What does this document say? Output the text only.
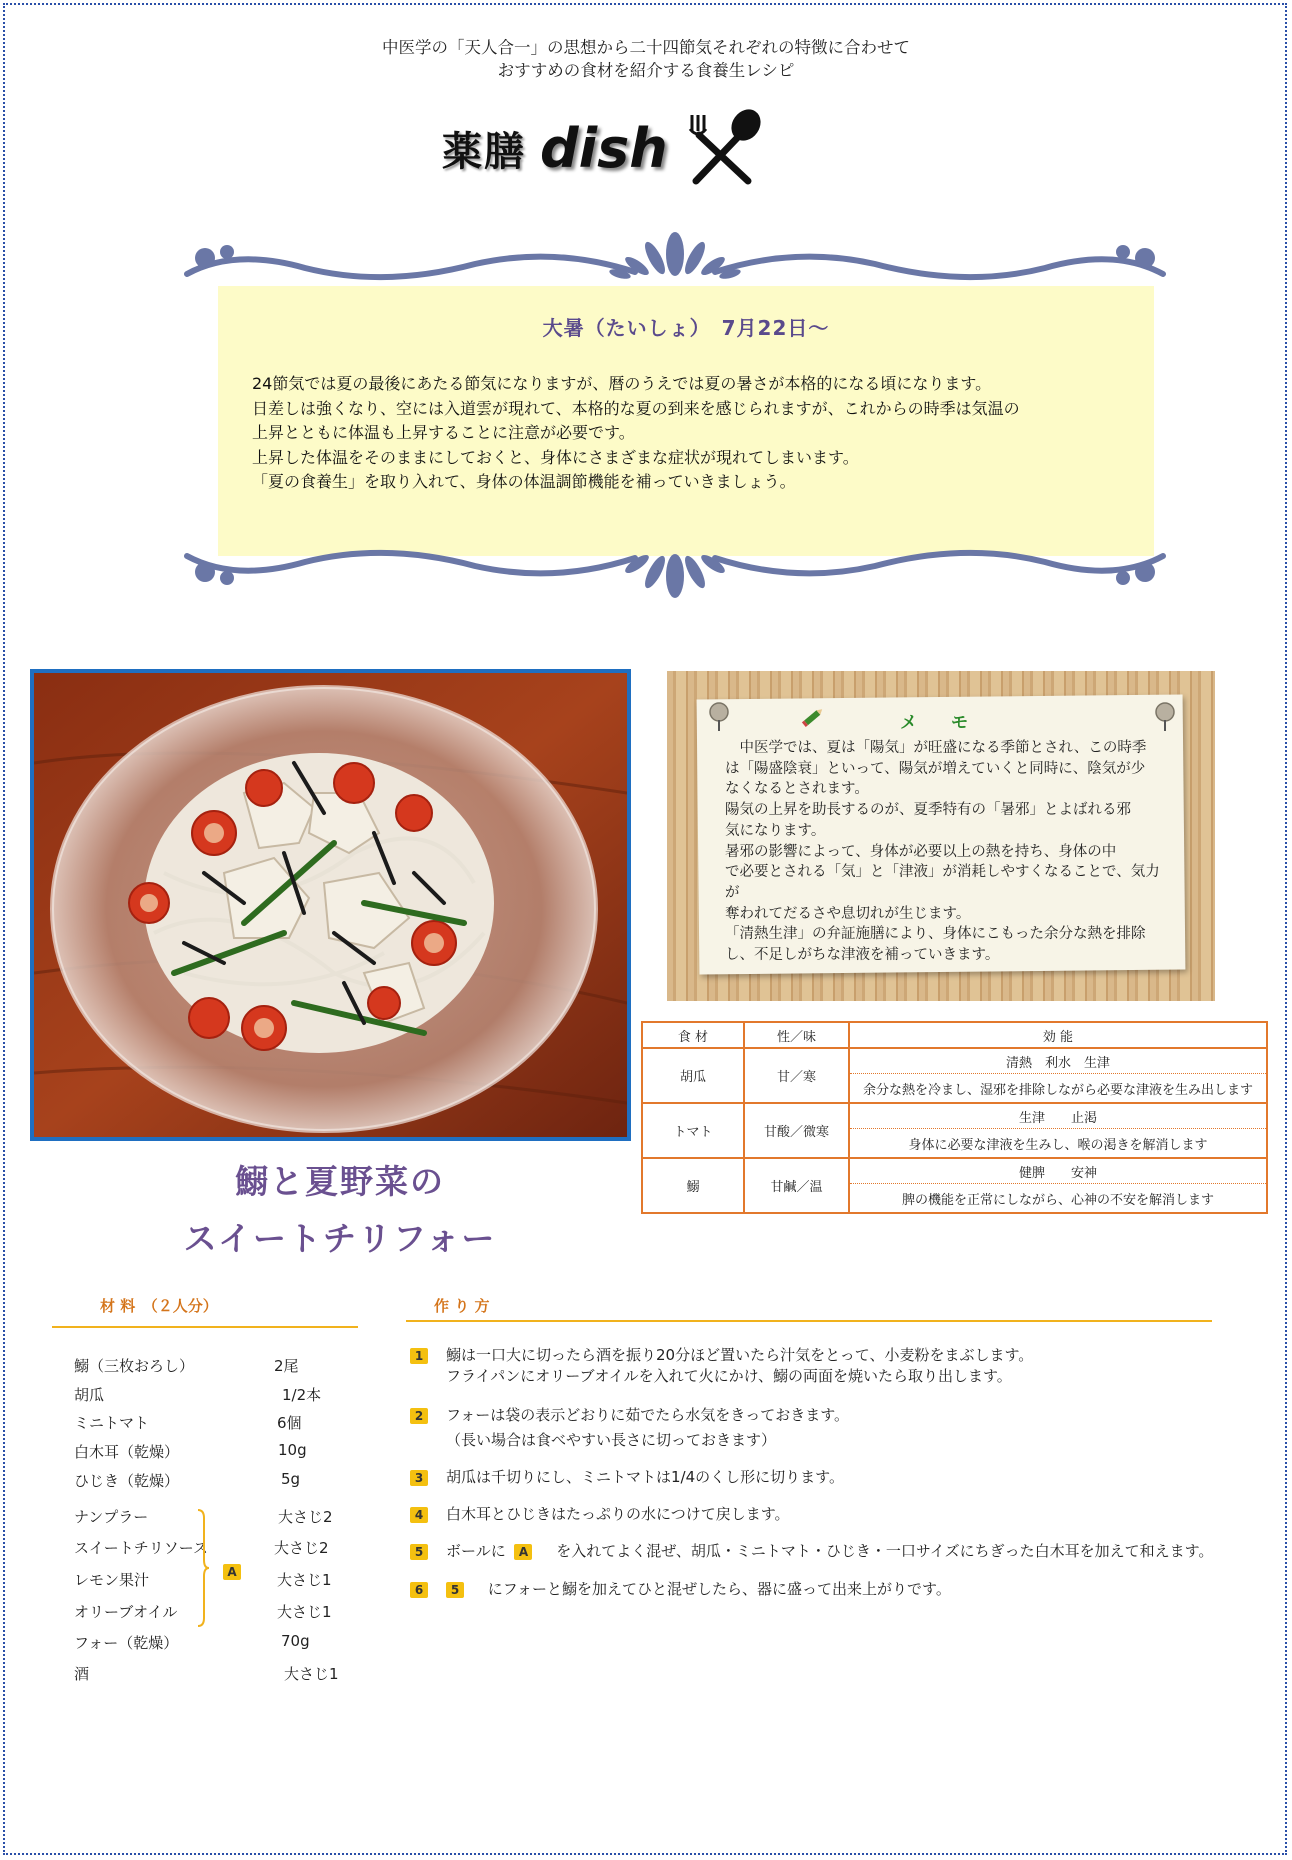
中医学の「天人合一」の思想から二十四節気それぞれの特徴に合わせて
おすすめの食材を紹介する食養生レシピ
薬膳 dish
大暑（たいしょ）　7月22日～

24節気では夏の最後にあたる節気になりますが、暦のうえでは夏の暑さが本格的になる頃になります。

日差しは強くなり、空には入道雲が現れて、本格的な夏の到来を感じられますが、これからの時季は気温の

上昇とともに体温も上昇することに注意が必要です。

上昇した体温をそのままにしておくと、身体にさまざまな症状が現れてしまいます。

「夏の食養生」を取り入れて、身体の体温調節機能を補っていきましょう。

鰯と夏野菜の
スイートチリフォー
メ モ

　中医学では、夏は「陽気」が旺盛になる季節とされ、この時季

は「陽盛陰衰」といって、陽気が増えていくと同時に、陰気が少

なくなるとされます。

陽気の上昇を助長するのが、夏季特有の「暑邪」とよばれる邪

気になります。

暑邪の影響によって、身体が必要以上の熱を持ち、身体の中

で必要とされる「気」と「津液」が消耗しやすくなることで、気力が

奪われてだるさや息切れが生じます。

「清熱生津」の弁証施膳により、身体にこもった余分な熱を排除

し、不足しがちな津液を補っていきます。

食 材	性／味	効 能
胡瓜	甘／寒	清熱　利水　生津
		余分な熱を冷まし、湿邪を排除しながら必要な津液を生み出します
トマト	甘酸／微寒	生津　　止渇
		身体に必要な津液を生みし、喉の渇きを解消します
鰯	甘鹹／温	健脾　　安神
		脾の機能を正常にしながら、心神の不安を解消します
材 料　（２人分）
鰯（三枚おろし）	2尾
胡瓜	1/2本
ミニトマト	6個
白木耳（乾燥）	10g
ひじき（乾燥）	5g
ナンプラー	大さじ2
スイートチリソース	大さじ2
レモン果汁	大さじ1
オリーブオイル	大さじ1
フォー（乾燥）	70g
酒	大さじ1
A
作 り 方
1 鰯は一口大に切ったら酒を振り20分ほど置いたら汁気をとって、小麦粉をまぶします。

フライパンにオリーブオイルを入れて火にかけ、鰯の両面を焼いたら取り出します。

2 フォーは袋の表示どおりに茹でたら水気をきっておきます。

（長い場合は食べやすい長さに切っておきます）

3 胡瓜は千切りにし、ミニトマトは1/4のくし形に切ります。

4 白木耳とひじきはたっぷりの水につけて戻します。

5 ボールに A 　を入れてよく混ぜ、胡瓜・ミニトマト・ひじき・一口サイズにちぎった白木耳を加えて和えます。
6	5 　にフォーと鰯を加えてひと混ぜしたら、器に盛って出来上がりです。
